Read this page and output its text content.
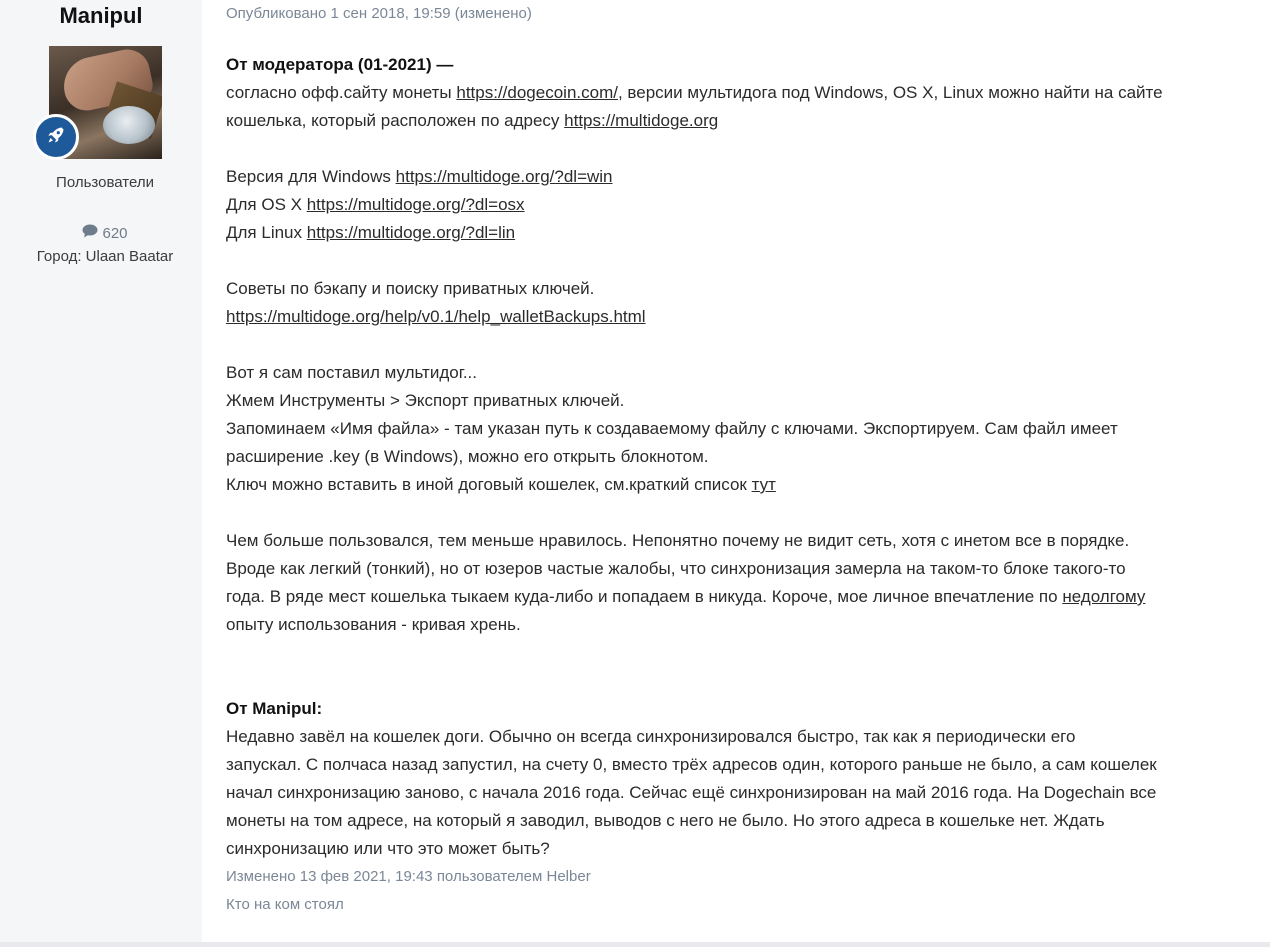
Manipul
Пользователи
620
Город: Ulaan Baatar
Опубликовано 1 сен 2018, 19:59 (изменено)
От модератора (01-2021) —
согласно офф.сайту монеты https://dogecoin.com/, версии мультидога под Windows, OS X, Linux можно найти на сайте
кошелька, который расположен по адресу https://multidoge.org
Версия для Windows https://multidoge.org/?dl=win
Для OS X https://multidoge.org/?dl=osx
Для Linux https://multidoge.org/?dl=lin
Советы по бэкапу и поиску приватных ключей.
https://multidoge.org/help/v0.1/help_walletBackups.html
Вот я сам поставил мультидог...
Жмем Инструменты > Экспорт приватных ключей.
Запоминаем «Имя файла» - там указан путь к создаваемому файлу с ключами. Экспортируем. Сам файл имеет
расширение .key (в Windows), можно его открыть блокнотом.
Ключ можно вставить в иной договый кошелек, см.краткий список тут
Чем больше пользовался, тем меньше нравилось. Непонятно почему не видит сеть, хотя с инетом все в порядке.
Вроде как легкий (тонкий), но от юзеров частые жалобы, что синхронизация замерла на таком-то блоке такого-то
года. В ряде мест кошелька тыкаем куда-либо и попадаем в никуда. Короче, мое личное впечатление по недолгому
опыту использования - кривая хрень.
От Manipul:
Недавно завёл на кошелек доги. Обычно он всегда синхронизировался быстро, так как я периодически его
запускал. С полчаса назад запустил, на счету 0, вместо трёх адресов один, которого раньше не было, а сам кошелек
начал синхронизацию заново, с начала 2016 года. Сейчас ещё синхронизирован на май 2016 года. На Dogechain все
монеты на том адресе, на который я заводил, выводов с него не было. Но этого адреса в кошельке нет. Ждать
синхронизацию или что это может быть?
Изменено 13 фев 2021, 19:43 пользователем Helber
Кто на ком стоял
